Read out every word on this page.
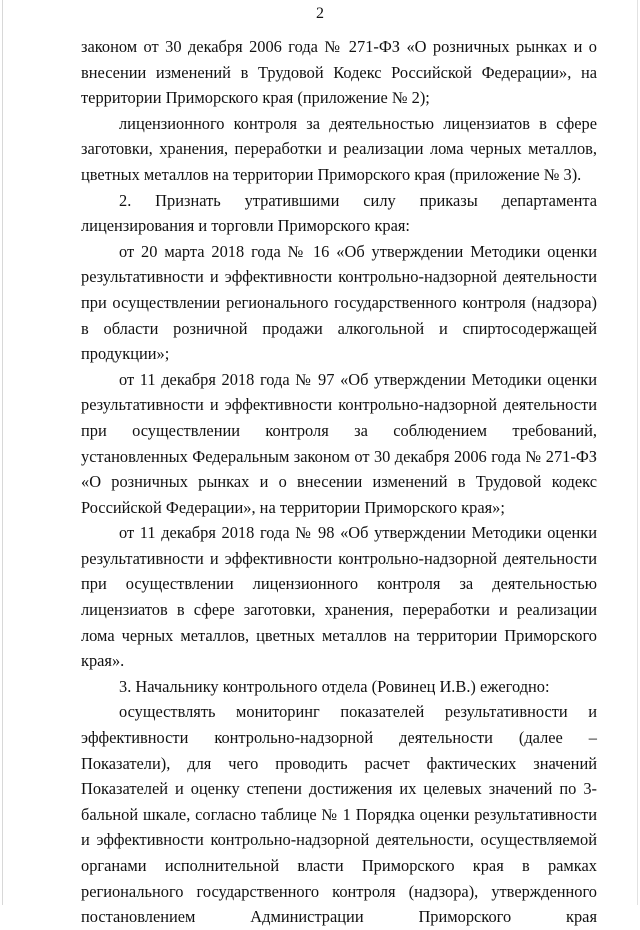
2

законом от 30 декабря 2006 года № 271-ФЗ «О розничных рынках и о внесении изменений в Трудовой Кодекс Российской Федерации», на территории Приморского края (приложение № 2);

лицензионного контроля за деятельностью лицензиатов в сфере заготовки, хранения, переработки и реализации лома черных металлов, цветных металлов на территории Приморского края (приложение № 3).

2. Признать утратившими силу приказы департамента лицензирования и торговли Приморского края:

от 20 марта 2018 года № 16 «Об утверждении Методики оценки результативности и эффективности контрольно-надзорной деятельности при осуществлении регионального государственного контроля (надзора) в области розничной продажи алкогольной и спиртосодержащей продукции»;

от 11 декабря 2018 года № 97 «Об утверждении Методики оценки результативности и эффективности контрольно-надзорной деятельности при осуществлении контроля за соблюдением требований, установленных Федеральным законом от 30 декабря 2006 года № 271-ФЗ «О розничных рынках и о внесении изменений в Трудовой кодекс Российской Федерации», на территории Приморского края»;

от 11 декабря 2018 года № 98 «Об утверждении Методики оценки результативности и эффективности контрольно-надзорной деятельности при осуществлении лицензионного контроля за деятельностью лицензиатов в сфере заготовки, хранения, переработки и реализации лома черных металлов, цветных металлов на территории Приморского края».

3. Начальнику контрольного отдела (Ровинец И.В.) ежегодно:

осуществлять мониторинг показателей результативности и эффективности контрольно-надзорной деятельности (далее – Показатели), для чего проводить расчет фактических значений Показателей и оценку степени достижения их целевых значений по 3-бальной шкале, согласно таблице № 1 Порядка оценки результативности и эффективности контрольно-надзорной деятельности, осуществляемой органами исполнительной власти Приморского края в рамках регионального государственного контроля (надзора), утвержденного постановлением Администрации Приморского края
